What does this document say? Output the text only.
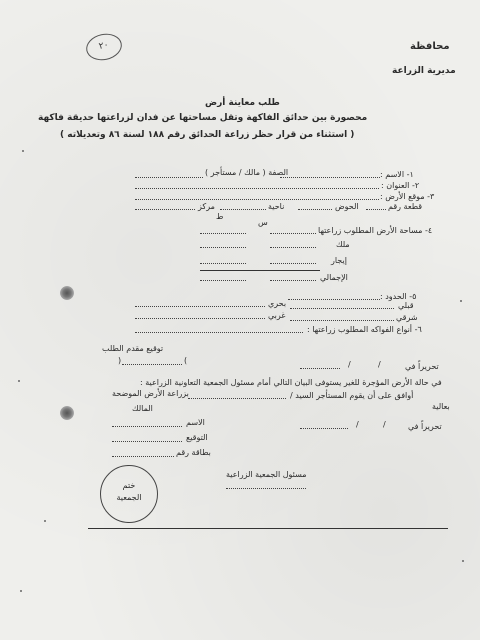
محافظة
مديرية الزراعة
٢٠
طلب معاينة أرض
محصورة بين حدائق الفاكهة وتقل مساحتها عن فدان لزراعتها حديقة فاكهة
( استثناء من قرار حظر زراعة الحدائق رقم ١٨٨ لسنة ٨٦ وتعديلاته )
١- الاسم :
الصفة ( مالك / مستأجر )
٢- العنوان :
٣- موقع الأرض :
قطعة رقم
الحوض
ناحية
مركز
ط
س
٤- مساحة الأرض المطلوب زراعتها
ملك
إيجار
الإجمالي
٥- الحدود :
قبلي
بحري
شرقي
غربي
٦- أنواع الفواكه المطلوب زراعتها :
توقيع مقدم الطلب
(	)
تحريراً في
/
/
في حالة الأرض المؤجرة للغير يستوفى البيان التالي أمام مسئول الجمعية التعاونية الزراعية :
أوافق على أن يقوم المستأجر السيد /
بزراعة الأرض الموضحة
بعالية
المالك
الاسم	تحريراً في
/
/
التوقيع
بطاقة رقم
مسئول الجمعية الزراعية
ختم
الجمعية
